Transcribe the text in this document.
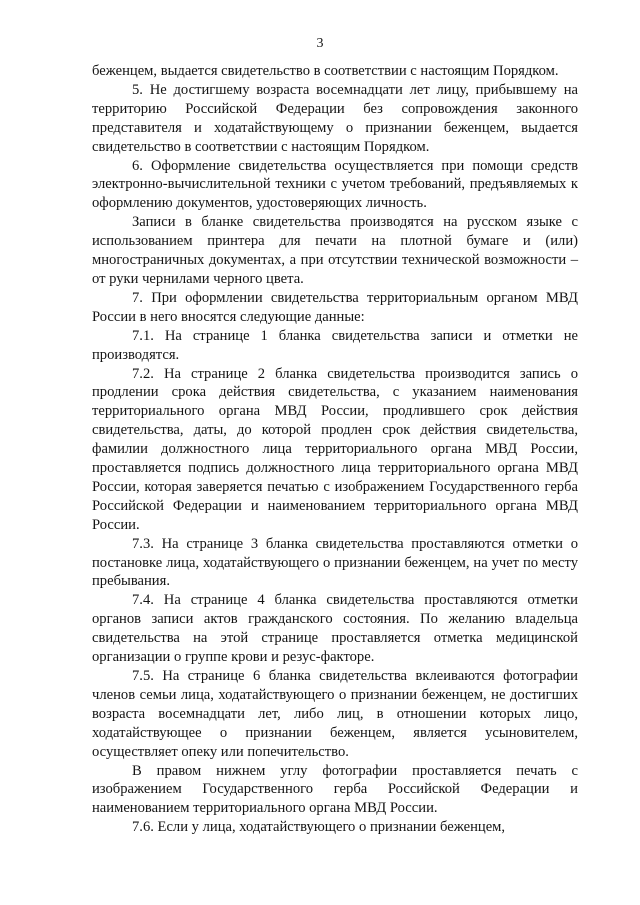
3

беженцем, выдается свидетельство в соответствии с настоящим Порядком.

5. Не достигшему возраста восемнадцати лет лицу, прибывшему на территорию Российской Федерации без сопровождения законного представителя и ходатайствующему о признании беженцем, выдается свидетельство в соответствии с настоящим Порядком.

6. Оформление свидетельства осуществляется при помощи средств электронно-вычислительной техники с учетом требований, предъявляемых к оформлению документов, удостоверяющих личность.

Записи в бланке свидетельства производятся на русском языке с использованием принтера для печати на плотной бумаге и (или) многостраничных документах, а при отсутствии технической возможности – от руки чернилами черного цвета.

7. При оформлении свидетельства территориальным органом МВД России в него вносятся следующие данные:

7.1. На странице 1 бланка свидетельства записи и отметки не производятся.

7.2. На странице 2 бланка свидетельства производится запись о продлении срока действия свидетельства, с указанием наименования территориального органа МВД России, продлившего срок действия свидетельства, даты, до которой продлен срок действия свидетельства, фамилии должностного лица территориального органа МВД России, проставляется подпись должностного лица территориального органа МВД России, которая заверяется печатью с изображением Государственного герба Российской Федерации и наименованием территориального органа МВД России.

7.3. На странице 3 бланка свидетельства проставляются отметки о постановке лица, ходатайствующего о признании беженцем, на учет по месту пребывания.

7.4. На странице 4 бланка свидетельства проставляются отметки органов записи актов гражданского состояния. По желанию владельца свидетельства на этой странице проставляется отметка медицинской организации о группе крови и резус-факторе.

7.5. На странице 6 бланка свидетельства вклеиваются фотографии членов семьи лица, ходатайствующего о признании беженцем, не достигших возраста восемнадцати лет, либо лиц, в отношении которых лицо, ходатайствующее о признании беженцем, является усыновителем, осуществляет опеку или попечительство.

В правом нижнем углу фотографии проставляется печать с изображением Государственного герба Российской Федерации и наименованием территориального органа МВД России.

7.6. Если у лица, ходатайствующего о признании беженцем,
